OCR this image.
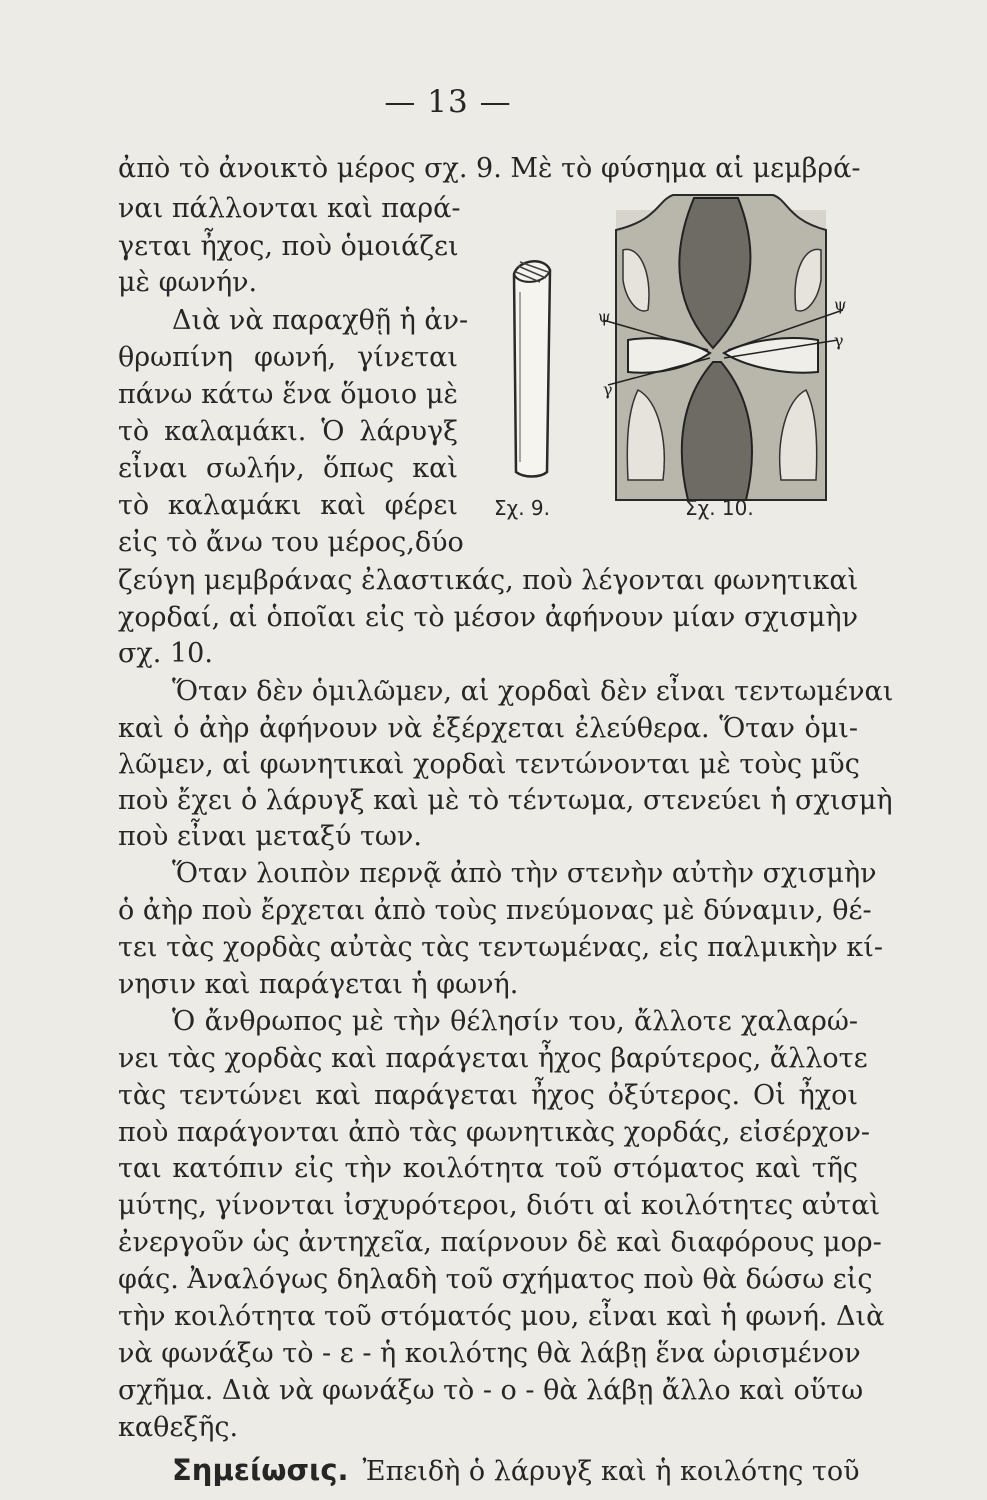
— 13 —
ἀπὸ τὸ ἀνοικτὸ μέρος σχ. 9. Μὲ τὸ φύσημα αἱ μεμβρά-
ναι πάλλονται καὶ παρά-
γεται ἦχος, ποὺ ὁμοιάζει
μὲ φωνήν.
Διὰ νὰ παραχθῇ ἡ ἀν-
θρωπίνη φωνή, γίνεται
πάνω κάτω ἕνα ὅμοιο μὲ
τὸ καλαμάκι. Ὁ λάρυγξ
εἶναι σωλήν, ὅπως καὶ
τὸ καλαμάκι καὶ φέρει
εἰς τὸ ἄνω του μέρος,δύο
ζεύγη μεμβράνας ἐλαστικάς, ποὺ λέγονται φωνητικαὶ
χορδαί, αἱ ὁποῖαι εἰς τὸ μέσον ἀφήνουν μίαν σχισμὴν
σχ. 10.
Ὅταν δὲν ὁμιλῶμεν, αἱ χορδαὶ δὲν εἶναι τεντωμέναι
καὶ ὁ ἀὴρ ἀφήνουν νὰ ἐξέρχεται ἐλεύθερα. Ὅταν ὁμι-
λῶμεν, αἱ φωνητικαὶ χορδαὶ τεντώνονται μὲ τοὺς μῦς
ποὺ ἔχει ὁ λάρυγξ καὶ μὲ τὸ τέντωμα, στενεύει ἡ σχισμὴ
ποὺ εἶναι μεταξύ των.
Ὅταν λοιπὸν περνᾷ ἀπὸ τὴν στενὴν αὐτὴν σχισμὴν
ὁ ἀὴρ ποὺ ἔρχεται ἀπὸ τοὺς πνεύμονας μὲ δύναμιν, θέ-
τει τὰς χορδὰς αὐτὰς τὰς τεντωμένας, εἰς παλμικὴν κί-
νησιν καὶ παράγεται ἡ φωνή.
Ὁ ἄνθρωπος μὲ τὴν θέλησίν του, ἄλλοτε χαλαρώ-
νει τὰς χορδὰς καὶ παράγεται ἦχος βαρύτερος, ἄλλοτε
τὰς τεντώνει καὶ παράγεται ἦχος ὀξύτερος. Οἱ ἦχοι
ποὺ παράγονται ἀπὸ τὰς φωνητικὰς χορδάς, εἰσέρχον-
ται κατόπιν εἰς τὴν κοιλότητα τοῦ στόματος καὶ τῆς
μύτης, γίνονται ἰσχυρότεροι, διότι αἱ κοιλότητες αὐταὶ
ἐνεργοῦν ὡς ἀντηχεῖα, παίρνουν δὲ καὶ διαφόρους μορ-
φάς. Ἀναλόγως δηλαδὴ τοῦ σχήματος ποὺ θὰ δώσω εἰς
τὴν κοιλότητα τοῦ στόματός μου, εἶναι καὶ ἡ φωνή. Διὰ
νὰ φωνάξω τὸ - ε - ἡ κοιλότης θὰ λάβῃ ἕνα ὡρισμένον
σχῆμα. Διὰ νὰ φωνάξω τὸ - ο - θὰ λάβῃ ἄλλο καὶ οὕτω
καθεξῆς.
Σημείωσις. Ἐπειδὴ ὁ λάρυγξ καὶ ἡ κοιλότης τοῦ
Σχ. 9.
ψ
ψ
γ
γ
Σχ. 10.
